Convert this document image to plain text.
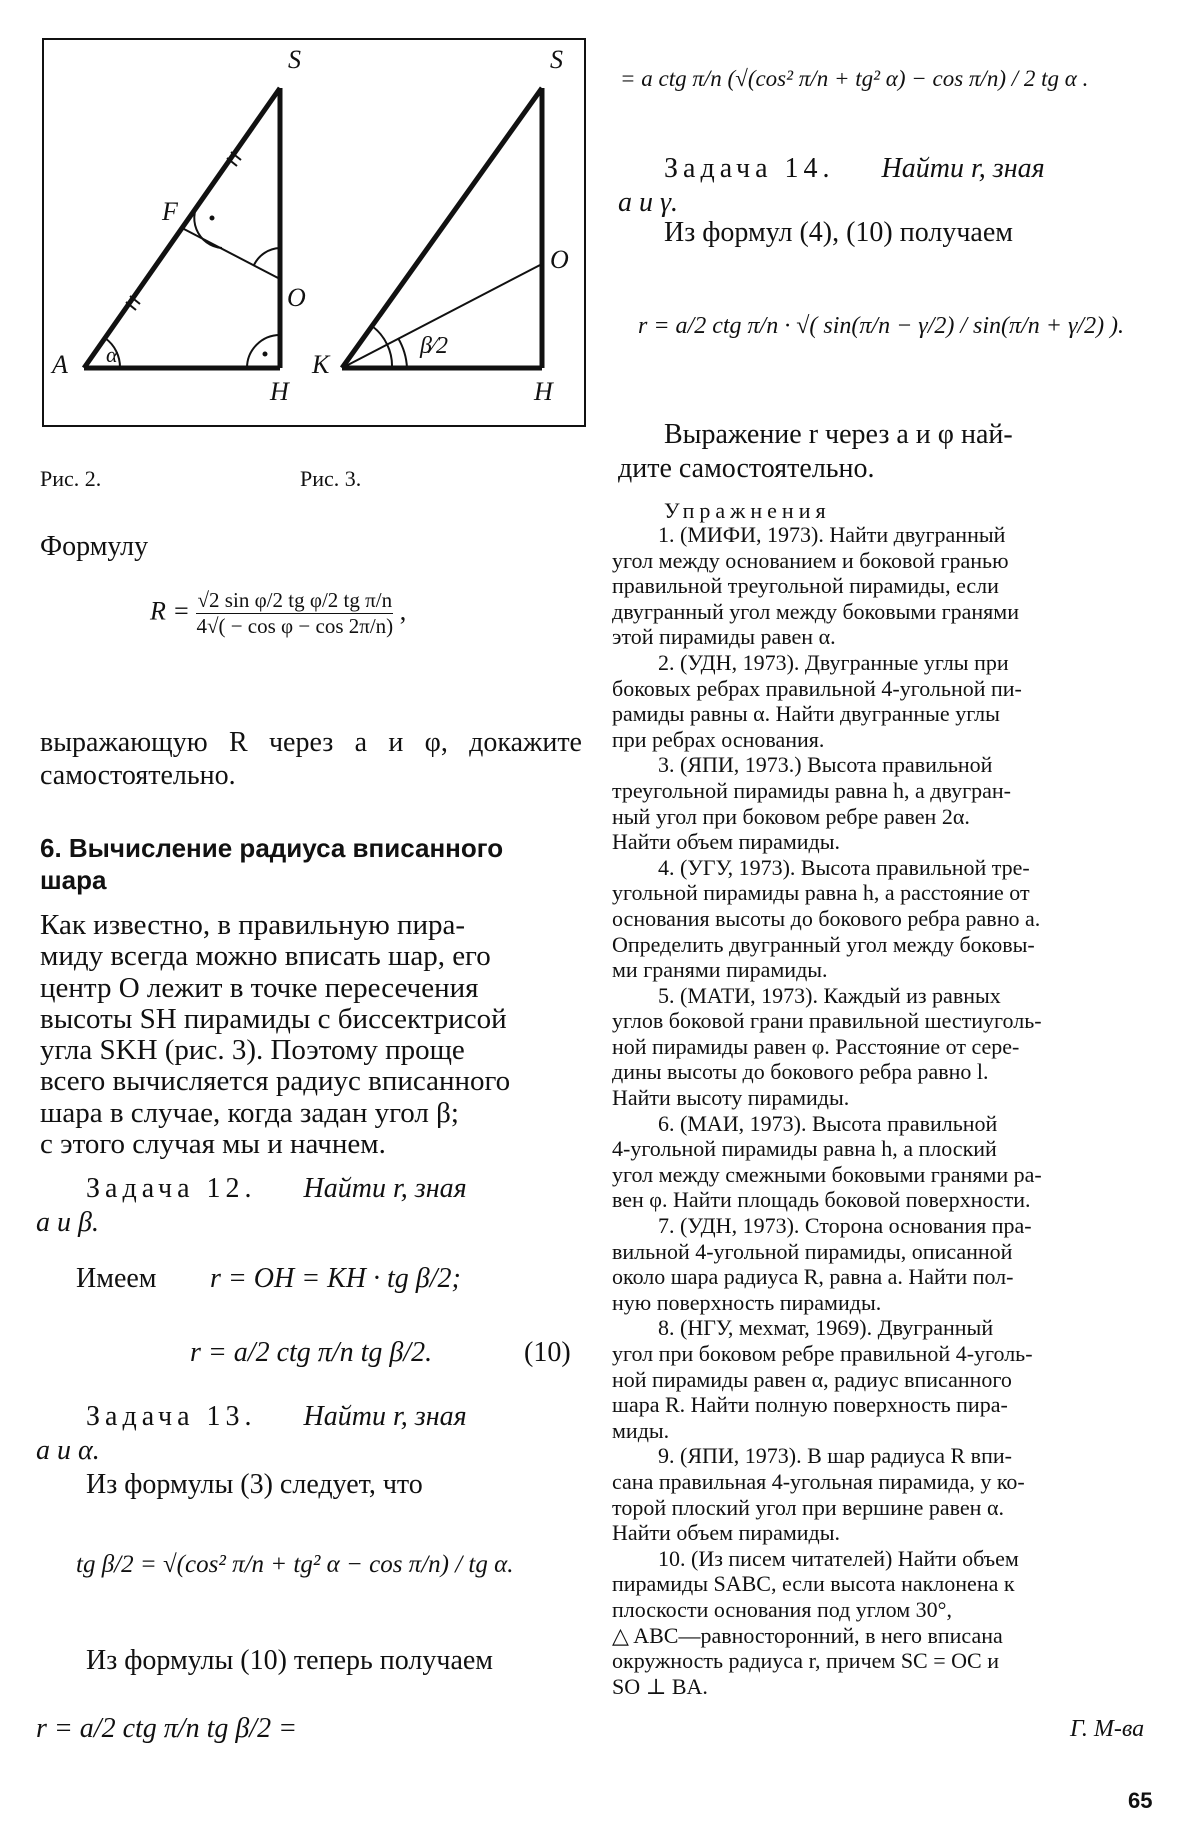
S
F
O
A
H
α
S
O
K
H
β⁄2
Рис. 2.	Рис. 3.
Формулу
$R = \frac{\text{√2 sin φ/2 tg φ/2 tg π/n}}{\text{4√( − cos φ − cos 2π/n)}}$ ,
выражающую R через a и φ, докажите самостоятельно.
6. Вычисление радиуса вписанного
шара
Как известно, в правильную пира-
миду всегда можно вписать шар, его
центр O лежит в точке пересечения
высоты SH пирамиды с биссектрисой
угла SKH (рис. 3). Поэтому проще
всего вычисляется радиус вписанного
шара в случае, когда задан угол β;
с этого случая мы и начнем.
Задача 12. Найти r, зная
a и β.
Имеем r = OH = KH · tg β/2;
r = a/2 ctg π/n tg β/2.	(10)
Задача 13. Найти r, зная
a и α.
Из формулы (3) следует, что
tg β/2 = √(cos² π/n + tg² α − cos π/n) / tg α.
Из формулы (10) теперь получаем
r = a/2 ctg π/n tg β/2 =
= a ctg π/n (√(cos² π/n + tg² α) − cos π/n) / 2 tg α .
Задача 14. Найти r, зная
a и γ.
Из формул (4), (10) получаем
r = a/2 ctg π/n · √( sin(π/n − γ/2) / sin(π/n + γ/2) ).
Выражение r через a и φ най-
дите самостоятельно.
Упражнения
1. (МИФИ, 1973). Найти двугранный
угол между основанием и боковой гранью
правильной треугольной пирамиды, если
двугранный угол между боковыми гранями
этой пирамиды равен α.
2. (УДН, 1973). Двугранные углы при
боковых ребрах правильной 4-угольной пи-
рамиды равны α. Найти двугранные углы
при ребрах основания.
3. (ЯПИ, 1973.) Высота правильной
треугольной пирамиды равна h, а двугран-
ный угол при боковом ребре равен 2α.
Найти объем пирамиды.
4. (УГУ, 1973). Высота правильной тре-
угольной пирамиды равна h, а расстояние от
основания высоты до бокового ребра равно a.
Определить двугранный угол между боковы-
ми гранями пирамиды.
5. (МАТИ, 1973). Каждый из равных
углов боковой грани правильной шестиуголь-
ной пирамиды равен φ. Расстояние от сере-
дины высоты до бокового ребра равно l.
Найти высоту пирамиды.
6. (МАИ, 1973). Высота правильной
4-угольной пирамиды равна h, а плоский
угол между смежными боковыми гранями ра-
вен φ. Найти площадь боковой поверхности.
7. (УДН, 1973). Сторона основания пра-
вильной 4-угольной пирамиды, описанной
около шара радиуса R, равна a. Найти пол-
ную поверхность пирамиды.
8. (НГУ, мехмат, 1969). Двугранный
угол при боковом ребре правильной 4-уголь-
ной пирамиды равен α, радиус вписанного
шара R. Найти полную поверхность пира-
миды.
9. (ЯПИ, 1973). В шар радиуса R впи-
сана правильная 4-угольная пирамида, у ко-
торой плоский угол при вершине равен α.
Найти объем пирамиды.
10. (Из писем читателей) Найти объем
пирамиды SABC, если высота наклонена к
плоскости основания под углом 30°,
△ ABC—равносторонний, в него вписана
окружность радиуса r, причем SC = OC и
SO ⊥ BA.
Г. М-ва
65
